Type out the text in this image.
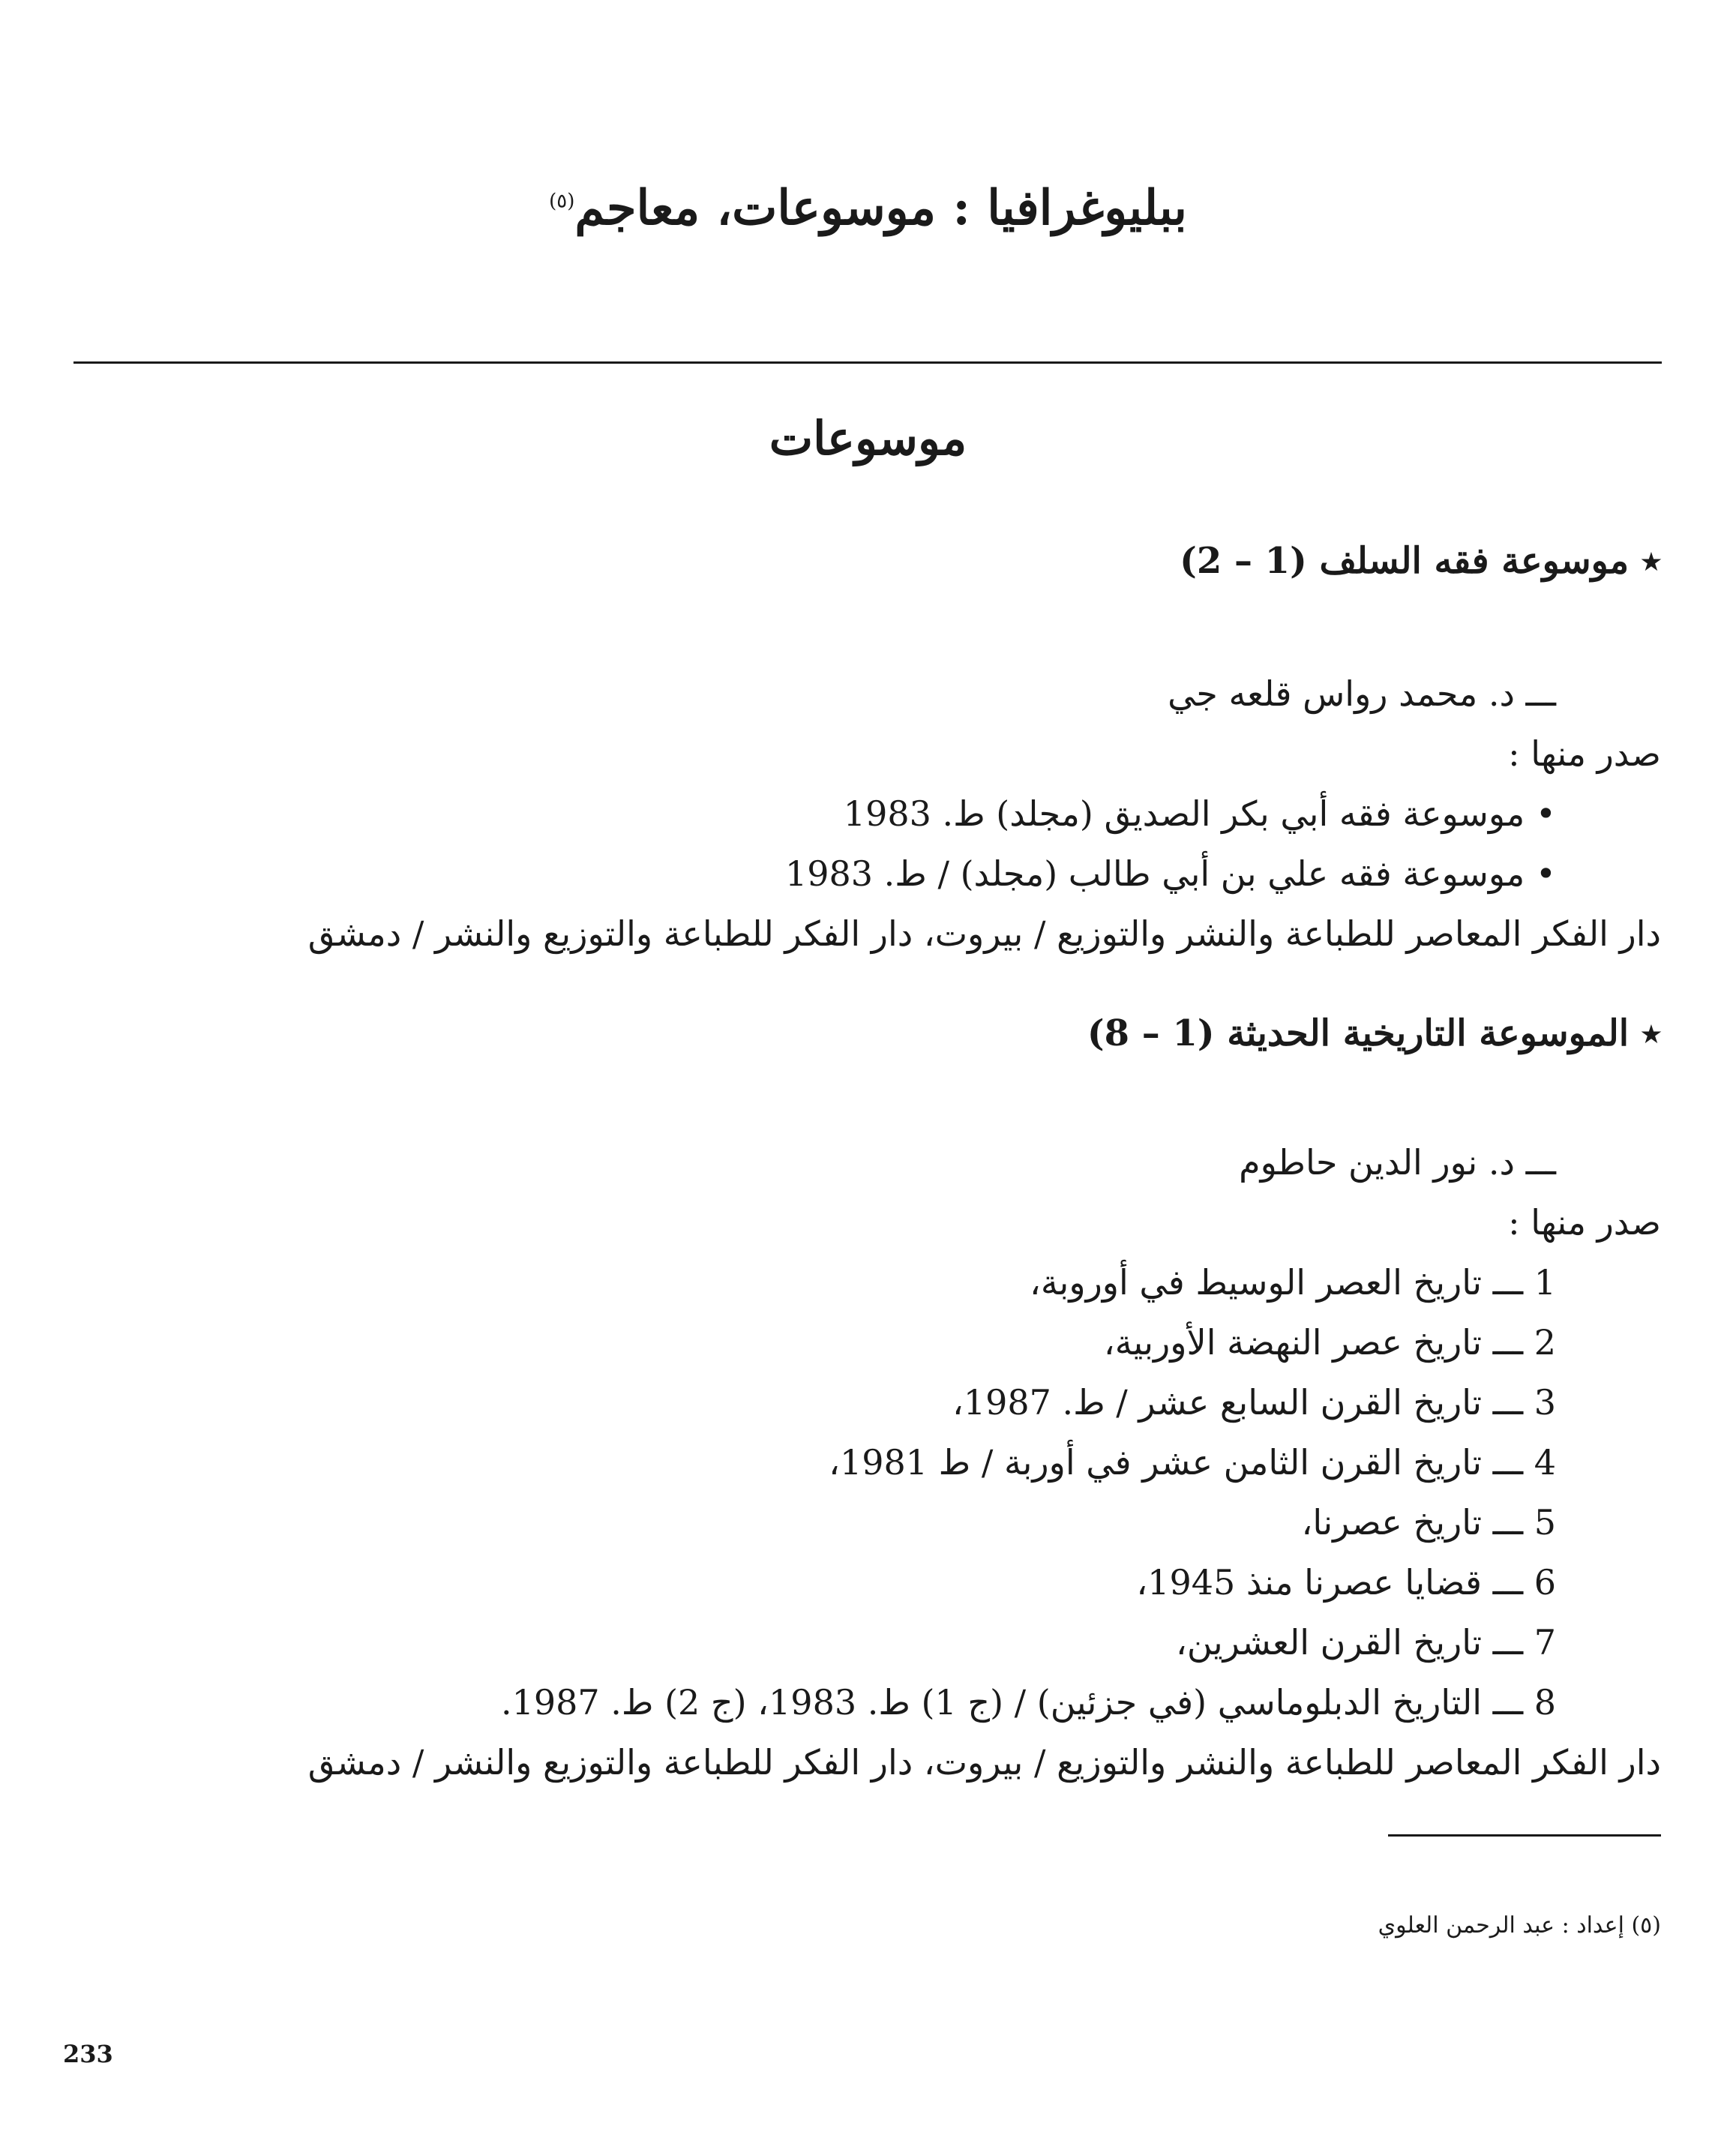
ببليوغرافيا : موسوعات، معاجم$^{(٥)}$
موسوعات

٭ موسوعة فقه السلف (1 – 2)

ـــ د. محمد رواس قلعه جي

صدر منها :

• موسوعة فقه أبي بكر الصديق (مجلد) ط. 1983

• موسوعة فقه علي بن أبي طالب (مجلد) / ط. 1983

دار الفكر المعاصر للطباعة والنشر والتوزيع / بيروت، دار الفكر للطباعة والتوزيع والنشر / دمشق

٭ الموسوعة التاريخية الحديثة (1 – 8)

ـــ د. نور الدين حاطوم

صدر منها :

1 ـــ تاريخ العصر الوسيط في أوروبة،

2 ـــ تاريخ عصر النهضة الأوربية،

3 ـــ تاريخ القرن السابع عشر / ط. 1987،

4 ـــ تاريخ القرن الثامن عشر في أوربة / ط 1981،

5 ـــ تاريخ عصرنا،

6 ـــ قضايا عصرنا منذ 1945،

7 ـــ تاريخ القرن العشرين،

8 ـــ التاريخ الدبلوماسي (في جزئين) / (ج 1) ط. 1983، (ج 2) ط. 1987.

دار الفكر المعاصر للطباعة والنشر والتوزيع / بيروت، دار الفكر للطباعة والتوزيع والنشر / دمشق

(٥) إعداد : عبد الرحمن العلوي

233
